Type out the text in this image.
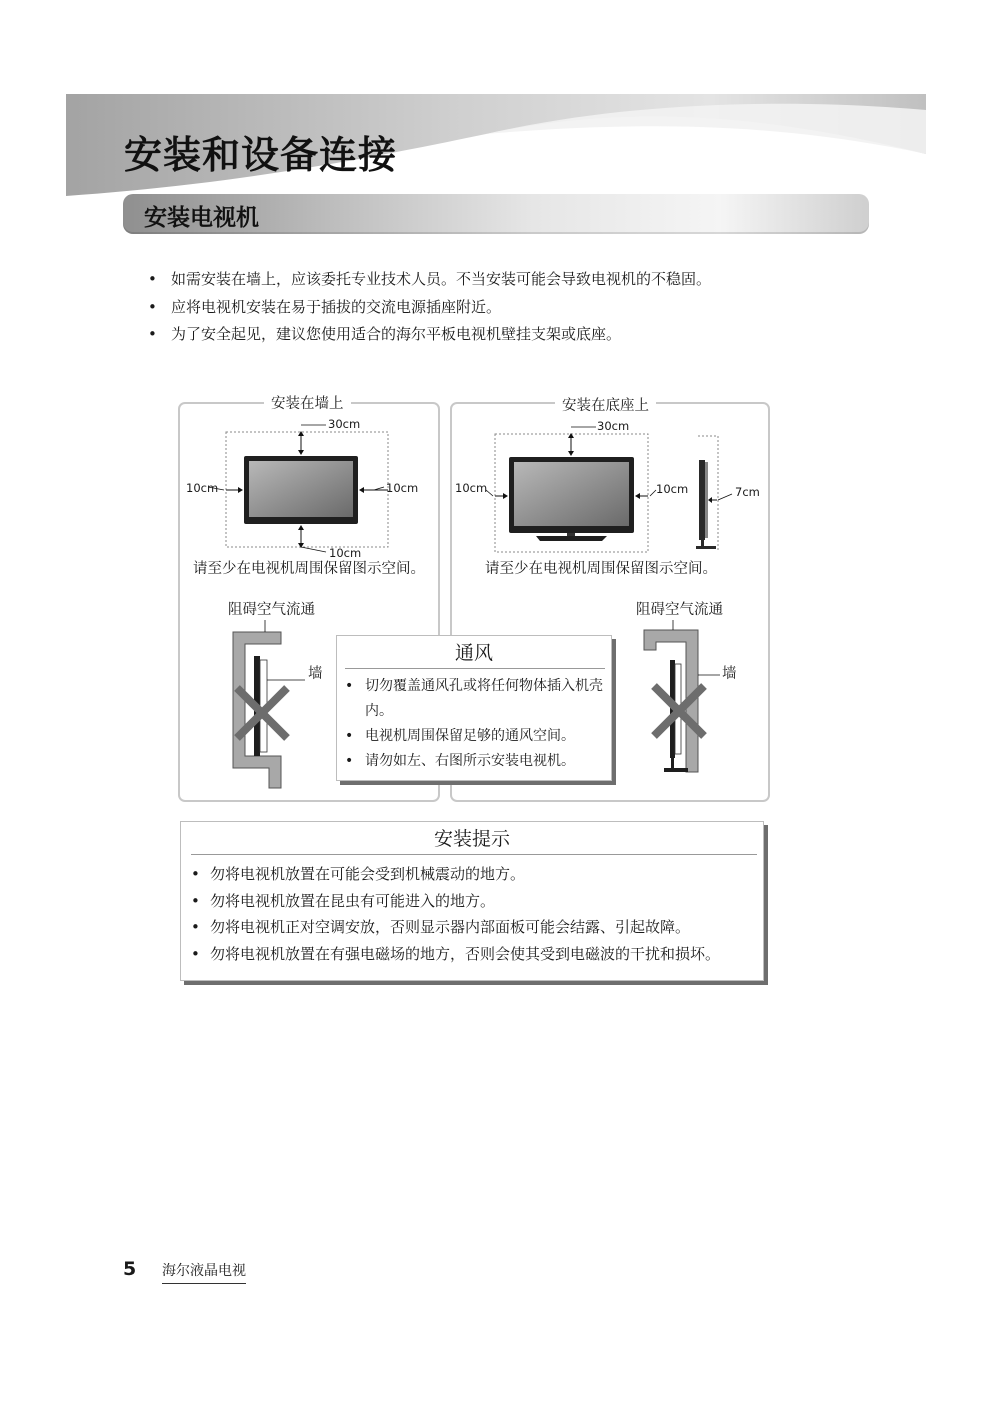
安装和设备连接
安装电视机
• 如需安装在墙上，应该委托专业技术人员。不当安装可能会导致电视机的不稳固。
• 应将电视机安装在易于插拔的交流电源插座附近。
• 为了安全起见，建议您使用适合的海尔平板电视机壁挂支架或底座。
安装在墙上	安装在底座上
30cm
10cm	10cm
10cm
请至少在电视机周围保留图示空间。
30cm
10cm	10cm	7cm
请至少在电视机周围保留图示空间。
阻碍空气流通
墙
阻碍空气流通
墙
通风
• 切勿覆盖通风孔或将任何物体插入机壳内。
• 电视机周围保留足够的通风空间。
• 请勿如左、右图所示安装电视机。
安装提示
• 勿将电视机放置在可能会受到机械震动的地方。
• 勿将电视机放置在昆虫有可能进入的地方。
• 勿将电视机正对空调安放，否则显示器内部面板可能会结露、引起故障。
• 勿将电视机放置在有强电磁场的地方，否则会使其受到电磁波的干扰和损坏。
5 海尔液晶电视
